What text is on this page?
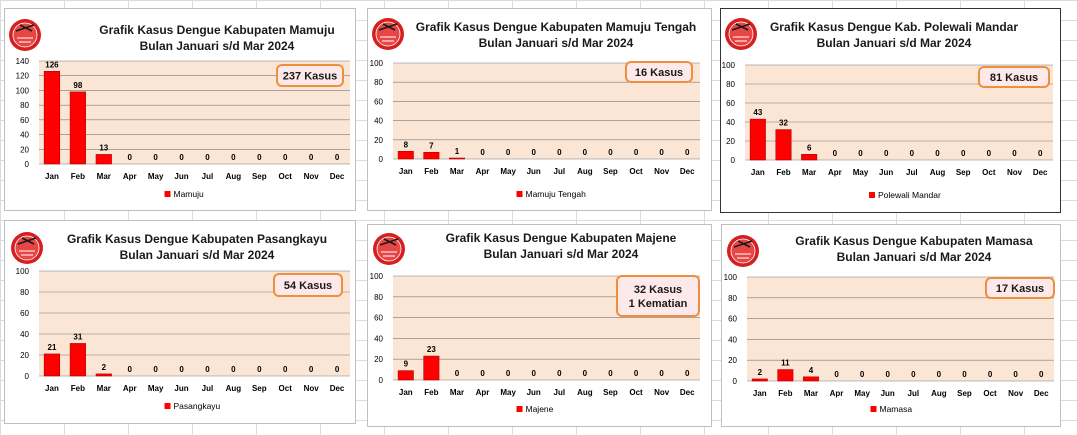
Grafik Kasus Dengue Kabupaten Mamuju
Bulan Januari s/d Mar 2024
0
20
40
60
80
100
120
140 126
Jan
98
Feb
13
Mar
0
Apr
0
May
0
Jun
0
Jul
0
Aug
0
Sep
0
Oct
0
Nov
0
Dec
237 Kasus
Mamuju
Grafik Kasus Dengue Kabupaten Mamuju Tengah
Bulan Januari s/d Mar 2024
0
20
40
60
80
100
8
Jan
7
Feb
1
Mar
0
Apr
0
May
0
Jun
0
Jul
0
Aug
0
Sep
0
Oct
0
Nov
0
Dec
16 Kasus
Mamuju Tengah
Grafik Kasus Dengue Kab. Polewali Mandar
Bulan Januari s/d Mar 2024
0
20
40
60
80
100
43
Jan
32
Feb
6
Mar
0
Apr
0
May
0
Jun
0
Jul
0
Aug
0
Sep
0
Oct
0
Nov
0
Dec
81 Kasus
Polewali Mandar
Grafik Kasus Dengue Kabupaten Pasangkayu
Bulan Januari s/d Mar 2024
0
20
40
60
80
100
21
Jan
31
Feb
2
Mar
0
Apr
0
May
0
Jun
0
Jul
0
Aug
0
Sep
0
Oct
0
Nov
0
Dec
54 Kasus
Pasangkayu
Grafik Kasus Dengue Kabupaten Majene
Bulan Januari s/d Mar 2024
0
20
40
60
80
100
9
Jan
23
Feb
0
Mar
0
Apr
0
May
0
Jun
0
Jul
0
Aug
0
Sep
0
Oct
0
Nov
0
Dec
32 Kasus
1 Kematian
Majene
Grafik Kasus Dengue Kabupaten Mamasa
Bulan Januari s/d Mar 2024
0
20
40
60
80
100
2
Jan
11
Feb
4
Mar
0
Apr
0
May
0
Jun
0
Jul
0
Aug
0
Sep
0
Oct
0
Nov
0
Dec
17 Kasus
Mamasa
